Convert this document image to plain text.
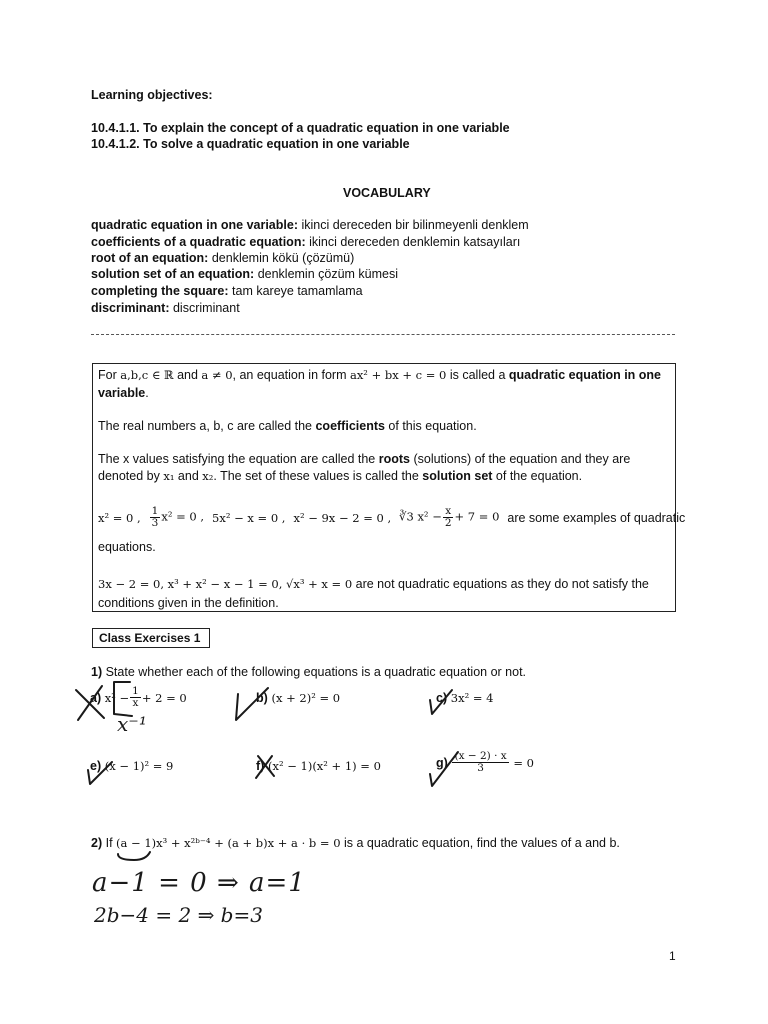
Learning objectives:
10.4.1.1. To explain the concept of a quadratic equation in one variable
10.4.1.2. To solve a quadratic equation in one variable
VOCABULARY
quadratic equation in one variable: ikinci dereceden bir bilinmeyenli denklem
coefficients of a quadratic equation: ikinci dereceden denklemin katsayıları
root of an equation: denklemin kökü (çözümü)
solution set of an equation: denklemin çözüm kümesi
completing the square: tam kareye tamamlama
discriminant: discriminant
For a,b,c ∈ ℝ and a ≠ 0, an equation in form ax² + bx + c = 0 is called a quadratic equation in one
variable.
The real numbers a, b, c are called the coefficients of this equation.
The x values satisfying the equation are called the roots (solutions) of the equation and they are
denoted by x₁ and x₂. The set of these values is called the solution set of the equation.
x² = 0 , $\frac{1}{3} x^2 = 0$ , 5x² − x = 0 , x² − 9x − 2 = 0 , ∛3 $x^2 - \frac{x}{2} + 7 = 0$ are some examples of quadratic
equations.
3x − 2 = 0, x³ + x² − x − 1 = 0, √x³ + x = 0 are not quadratic equations as they do not satisfy the
conditions given in the definition.
Class Exercises 1
1) State whether each of the following equations is a quadratic equation or not.
a)
$x^2 - \frac{1}{x} + 2 = 0$	b) (x + 2)² = 0	c) 3x² = 4
e) (x − 1)² = 9	f) (x² − 1)(x² + 1) = 0	g)
$\frac{(x - 2) \cdot x}{3}$
= 0
2) If (a − 1)x³ + x²ᵇ⁻⁴ + (a + b)x + a · b = 0 is a quadratic equation, find the values of a and b.
a−1 = 0 ⇒ a=1
2b−4 = 2 ⇒ b=3
x⁻¹
1
